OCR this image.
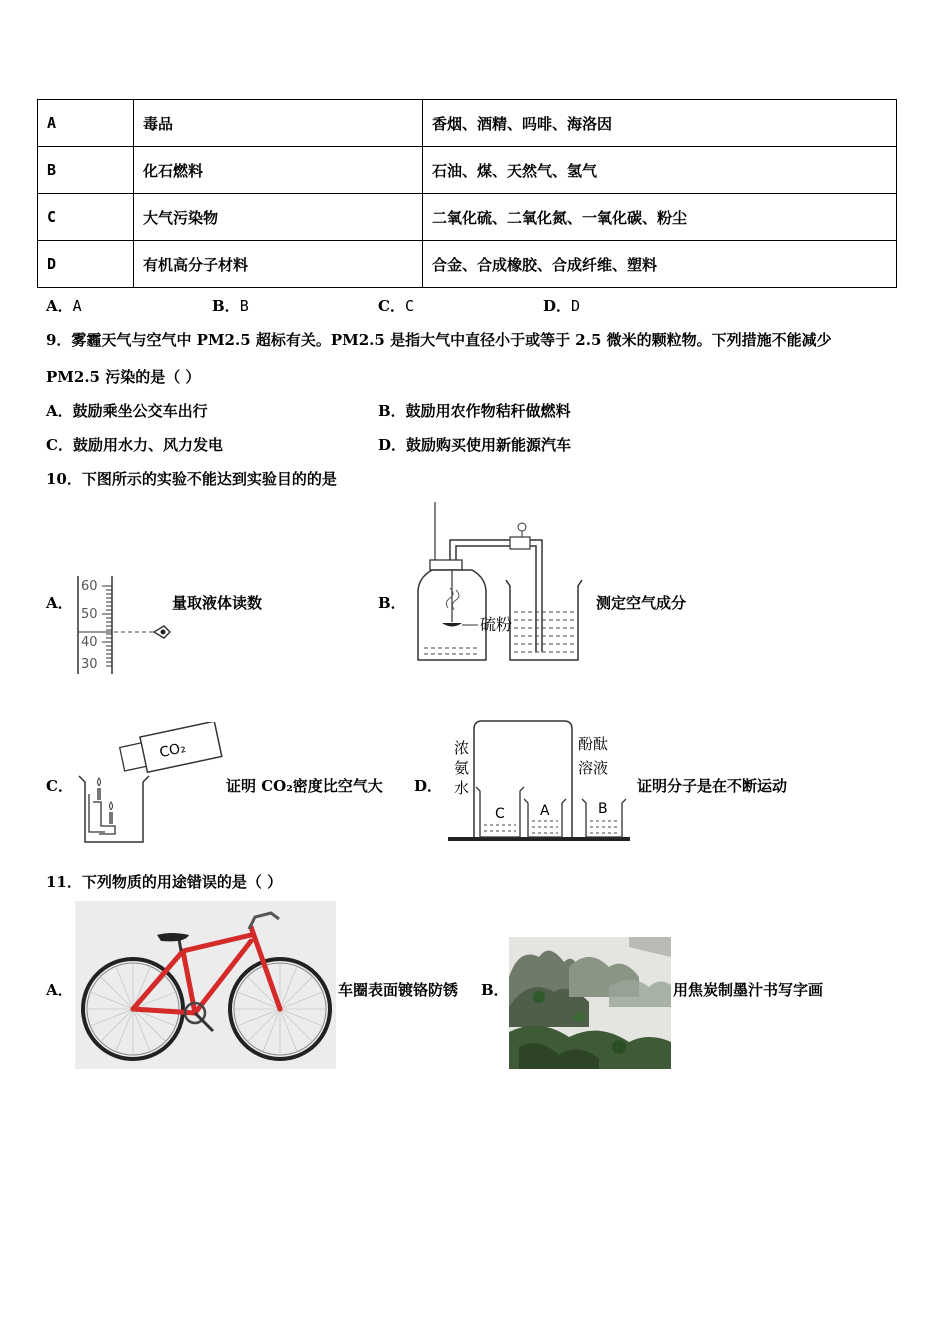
A	毒品	香烟、酒精、吗啡、海洛因
B	化石燃料	石油、煤、天然气、氢气
C	大气污染物	二氧化硫、二氧化氮、一氧化碳、粉尘
D	有机高分子材料	合金、合成橡胶、合成纤维、塑料
A．A	B．B	C．C	D．D
9．雾霾天气与空气中 PM2.5 超标有关。PM2.5 是指大气中直径小于或等于 2.5 微米的颗粒物。下列措施不能减少
PM2.5 污染的是（ ）
A．鼓励乘坐公交车出行	B．鼓励用农作物秸秆做燃料
C．鼓励用水力、风力发电	D．鼓励购买使用新能源汽车
10．下图所示的实验不能达到实验目的的是
A．
60
50
40
30
量取液体读数	B．
硫粉
测定空气成分
C．
CO₂
证明 CO₂密度比空气大 D．
浓
氨
水
酚酞
溶液
C	A	B
证明分子是在不断运动
11．下列物质的用途错误的是（ ）
A．	车圈表面镀铬防锈 B．	用焦炭制墨汁书写字画
